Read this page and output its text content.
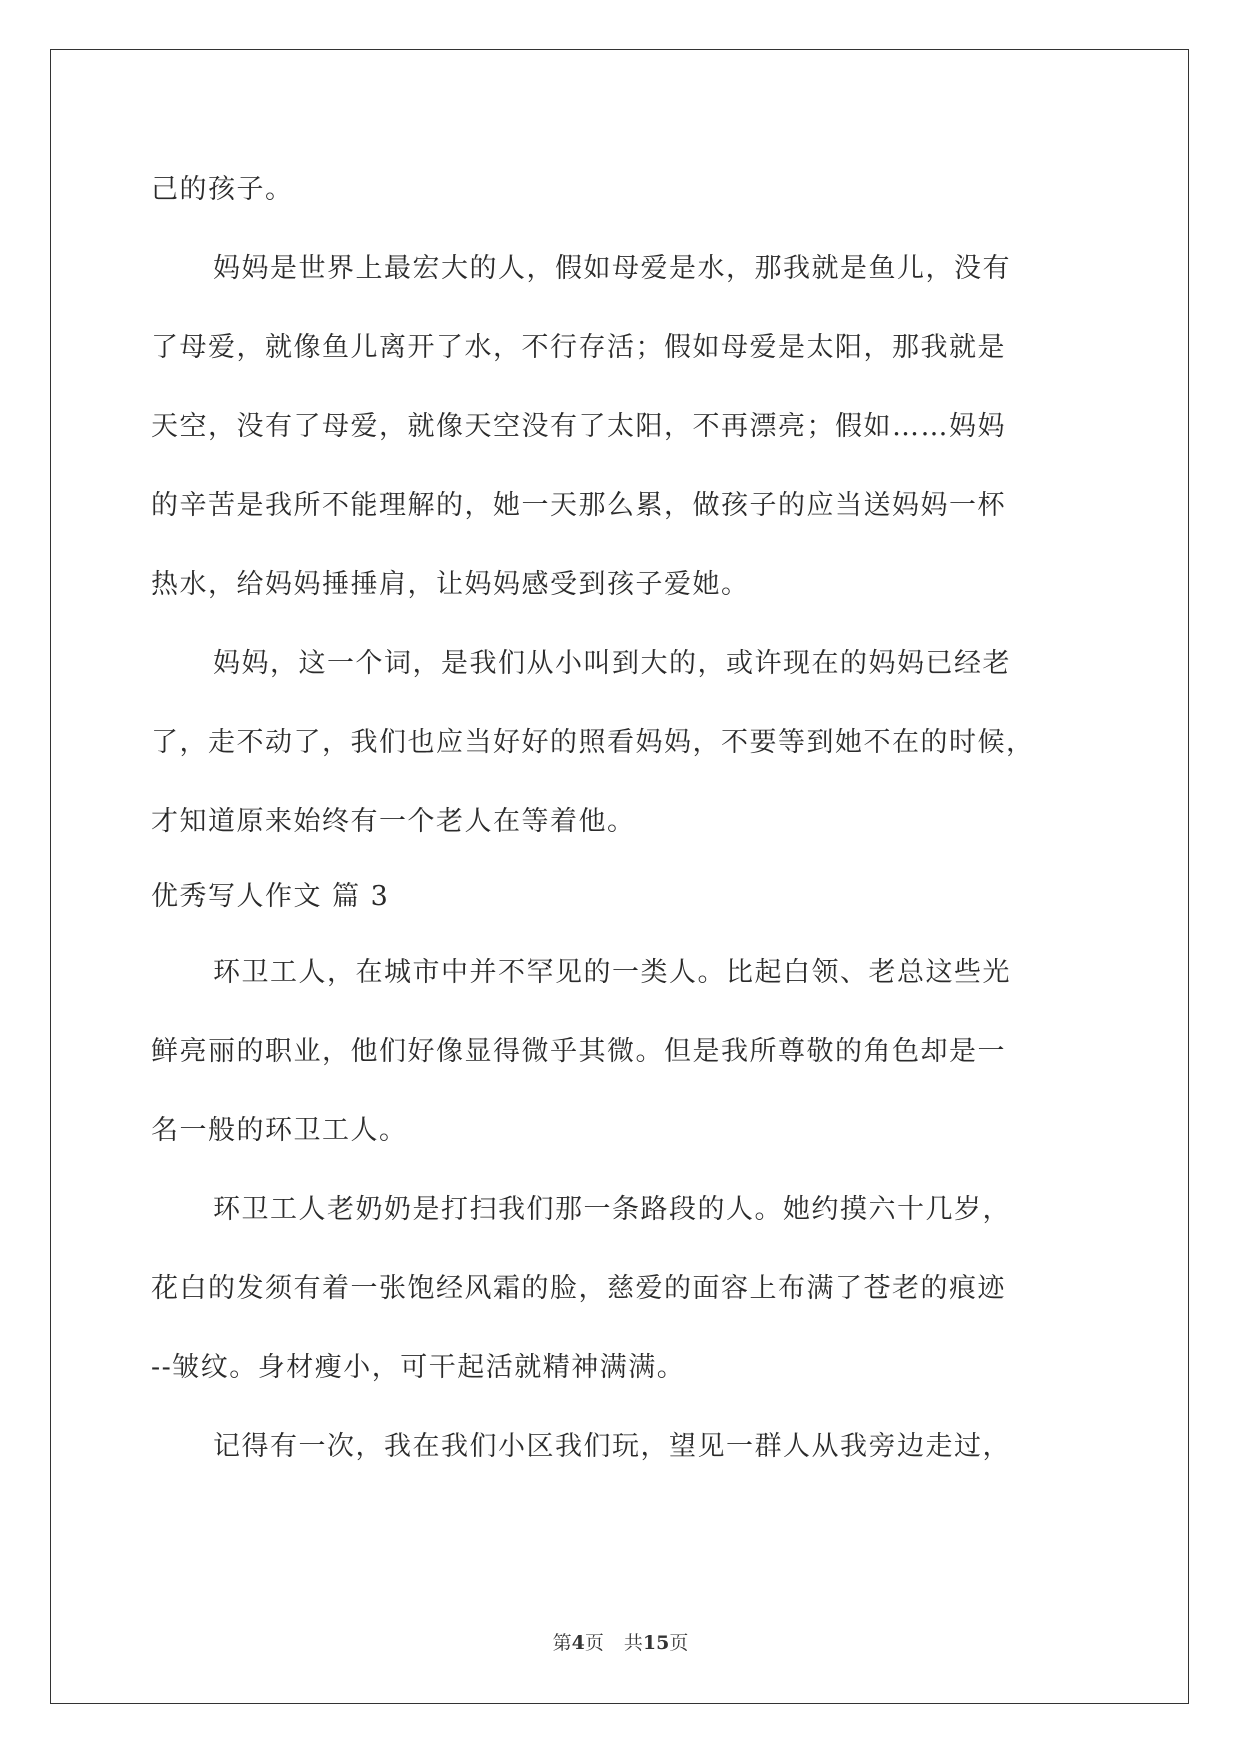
己的孩子。
妈妈是世界上最宏大的人，假如母爱是水，那我就是鱼儿，没有
了母爱，就像鱼儿离开了水，不行存活；假如母爱是太阳，那我就是
天空，没有了母爱，就像天空没有了太阳，不再漂亮；假如……妈妈
的辛苦是我所不能理解的，她一天那么累，做孩子的应当送妈妈一杯
热水，给妈妈捶捶肩，让妈妈感受到孩子爱她。
妈妈，这一个词，是我们从小叫到大的，或许现在的妈妈已经老
了，走不动了，我们也应当好好的照看妈妈，不要等到她不在的时候，
才知道原来始终有一个老人在等着他。
优秀写人作文 篇 3
环卫工人，在城市中并不罕见的一类人。比起白领、老总这些光
鲜亮丽的职业，他们好像显得微乎其微。但是我所尊敬的角色却是一
名一般的环卫工人。
环卫工人老奶奶是打扫我们那一条路段的人。她约摸六十几岁，
花白的发须有着一张饱经风霜的脸，慈爱的面容上布满了苍老的痕迹
--皱纹。身材瘦小，可干起活就精神满满。
记得有一次，我在我们小区我们玩，望见一群人从我旁边走过，
第4页 共15页
